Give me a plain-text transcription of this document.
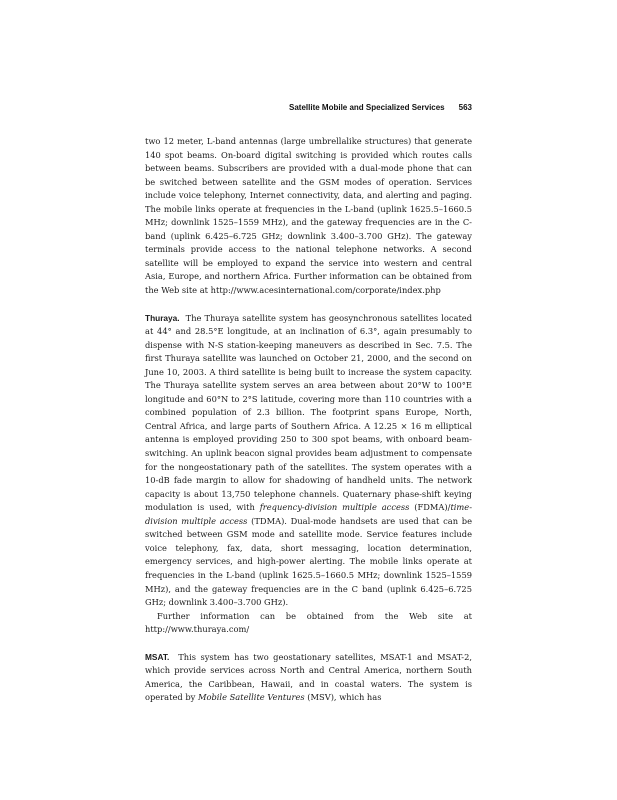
Satellite Mobile and Specialized Services 563

two 12 meter, L-band antennas (large umbrellalike structures) that generate 140 spot beams. On-board digital switching is provided which routes calls between beams. Subscribers are provided with a dual-mode phone that can be switched between satellite and the GSM modes of operation. Services include voice telephony, Internet connectivity, data, and alerting and paging. The mobile links operate at frequencies in the L-band (uplink 1625.5–1660.5 MHz; downlink 1525–1559 MHz), and the gateway frequencies are in the C-band (uplink 6.425–6.725 GHz; downlink 3.400–3.700 GHz). The gateway terminals provide access to the national telephone networks. A second satellite will be employed to expand the service into western and central Asia, Europe, and northern Africa. Further information can be obtained from the Web site at http://www.acesinternational.com/corporate/index.php

Thuraya. The Thuraya satellite system has geosynchronous satellites located at 44° and 28.5°E longitude, at an inclination of 6.3°, again presumably to dispense with N-S station-keeping maneuvers as described in Sec. 7.5. The first Thuraya satellite was launched on October 21, 2000, and the second on June 10, 2003. A third satellite is being built to increase the system capacity. The Thuraya satellite system serves an area between about 20°W to 100°E longitude and 60°N to 2°S latitude, covering more than 110 countries with a combined population of 2.3 billion. The footprint spans Europe, North, Central Africa, and large parts of Southern Africa. A 12.25 × 16 m elliptical antenna is employed providing 250 to 300 spot beams, with onboard beam-switching. An uplink beacon signal provides beam adjustment to compensate for the nongeostationary path of the satellites. The system operates with a 10-dB fade margin to allow for shadowing of handheld units. The network capacity is about 13,750 telephone channels. Quaternary phase-shift keying modulation is used, with frequency-division multiple access (FDMA)/time-division multiple access (TDMA). Dual-mode handsets are used that can be switched between GSM mode and satellite mode. Service features include voice telephony, fax, data, short messaging, location determination, emergency services, and high-power alerting. The mobile links operate at frequencies in the L-band (uplink 1625.5–1660.5 MHz; downlink 1525–1559 MHz), and the gateway frequencies are in the C band (uplink 6.425–6.725 GHz; downlink 3.400–3.700 GHz).

Further information can be obtained from the Web site at http://www.thuraya.com/

MSAT. This system has two geostationary satellites, MSAT-1 and MSAT-2, which provide services across North and Central America, northern South America, the Caribbean, Hawaii, and in coastal waters. The system is operated by Mobile Satellite Ventures (MSV), which has
